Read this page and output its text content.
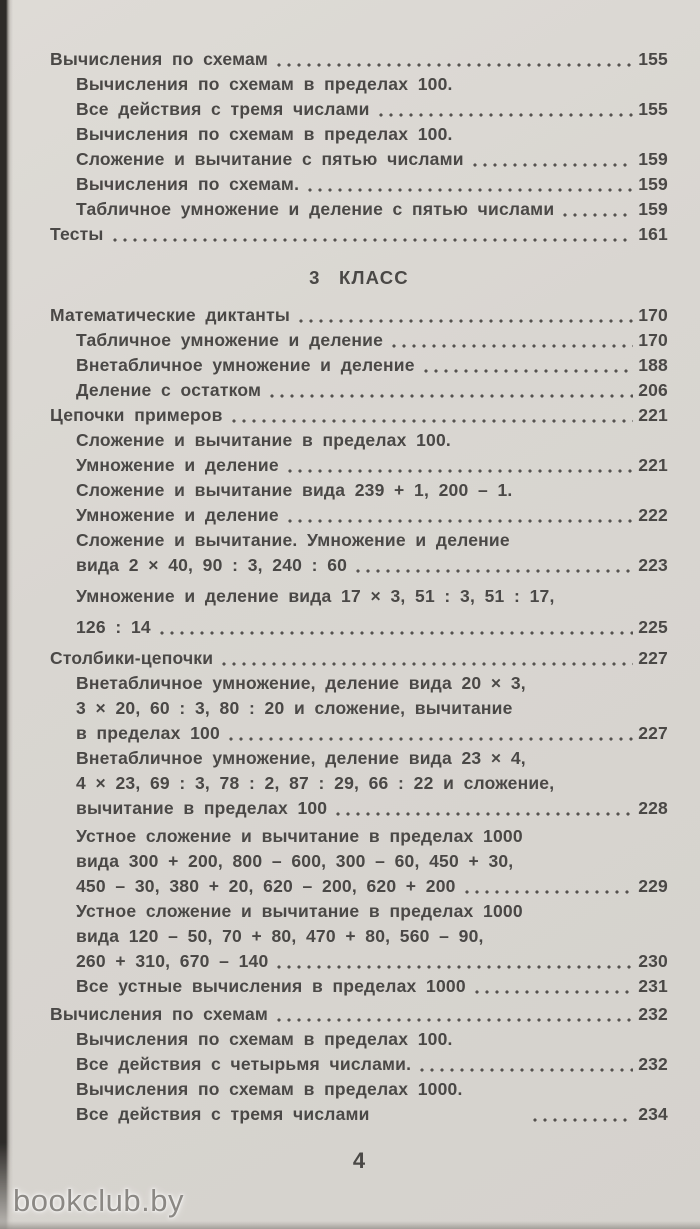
Вычисления по схемам	155
Вычисления по схемам в пределах 100.
Все действия с тремя числами	155
Вычисления по схемам в пределах 100.
Сложение и вычитание с пятью числами	159
Вычисления по схемам.	159
Табличное умножение и деление с пятью числами	159
Тесты	161
3 КЛАСС
Математические диктанты	170
Табличное умножение и деление	170
Внетабличное умножение и деление	188
Деление с остатком	206
Цепочки примеров	221
Сложение и вычитание в пределах 100.
Умножение и деление	221
Сложение и вычитание вида 239 + 1, 200 – 1.
Умножение и деление	222
Сложение и вычитание. Умножение и деление
вида 2 × 40, 90 : 3, 240 : 60	223
Умножение и деление вида 17 × 3, 51 : 3, 51 : 17,
126 : 14	225
Столбики-цепочки	227
Внетабличное умножение, деление вида 20 × 3,
3 × 20, 60 : 3, 80 : 20 и сложение, вычитание
в пределах 100	227
Внетабличное умножение, деление вида 23 × 4,
4 × 23, 69 : 3, 78 : 2, 87 : 29, 66 : 22 и сложение,
вычитание в пределах 100	228
Устное сложение и вычитание в пределах 1000
вида 300 + 200, 800 – 600, 300 – 60, 450 + 30,
450 – 30, 380 + 20, 620 – 200, 620 + 200	229
Устное сложение и вычитание в пределах 1000
вида 120 – 50, 70 + 80, 470 + 80, 560 – 90,
260 + 310, 670 – 140	230
Все устные вычисления в пределах 1000	231
Вычисления по схемам	232
Вычисления по схемам в пределах 100.
Все действия с четырьмя числами.	232
Вычисления по схемам в пределах 1000.
Все действия с тремя числами	234
4
bookclub.by
